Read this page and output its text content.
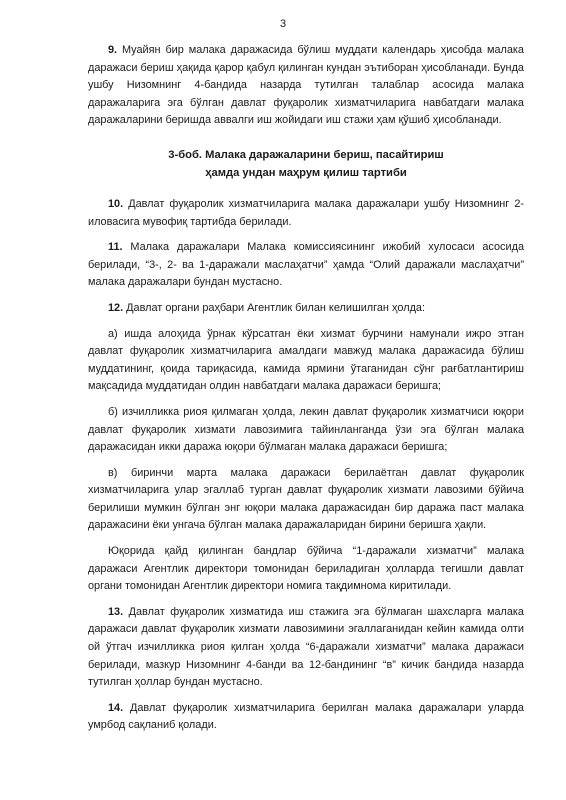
3

9. Муайян бир малака даражасида бўлиш муддати календарь ҳисобда малака даражаси бериш ҳақида қарор қабул қилинган кундан эътиборан ҳисобланади. Бунда ушбу Низомнинг 4-бандида назарда тутилган талаблар асосида малака даражаларига эга бўлган давлат фуқаролик хизматчиларига навбатдаги малака даражаларини беришда аввалги иш жойидаги иш стажи ҳам қўшиб ҳисобланади.

3-боб. Малака даражаларини бериш, пасайтириш
ҳамда ундан маҳрум қилиш тартиби

10. Давлат фуқаролик хизматчиларига малака даражалари ушбу Низомнинг 2-иловасига мувофиқ тартибда берилади.

11. Малака даражалари Малака комиссиясининг ижобий хулосаси асосида берилади, “3-, 2- ва 1-даражали маслаҳатчи” ҳамда “Олий даражали маслаҳатчи” малака даражалари бундан мустасно.

12. Давлат органи раҳбари Агентлик билан келишилган ҳолда:

а) ишда алоҳида ўрнак кўрсатган ёки хизмат бурчини намунали ижро этган давлат фуқаролик хизматчиларига амалдаги мавжуд малака даражасида бўлиш муддатининг, қоида тариқасида, камида ярмини ўтаганидан сўнг рағбатлантириш мақсадида муддатидан олдин навбатдаги малака даражаси беришга;

б) изчилликка риоя қилмаган ҳолда, лекин давлат фуқаролик хизматчиси юқори давлат фуқаролик хизмати лавозимига тайинланганда ўзи эга бўлган малака даражасидан икки даража юқори бўлмаган малака даражаси беришга;

в) биринчи марта малака даражаси берилаётган давлат фуқаролик хизматчиларига улар эгаллаб турган давлат фуқаролик хизмати лавозими бўйича берилиши мумкин бўлган энг юқори малака даражасидан бир даража паст малака даражасини ёки унгача бўлган малака даражаларидан бирини беришга ҳақли.

Юқорида қайд қилинган бандлар бўйича “1-даражали хизматчи” малака даражаси Агентлик директори томонидан бериладиган ҳолларда тегишли давлат органи томонидан Агентлик директори номига тақдимнома киритилади.

13. Давлат фуқаролик хизматида иш стажига эга бўлмаган шахсларга малака даражаси давлат фуқаролик хизмати лавозимини эгаллаганидан кейин камида олти ой ўтгач изчилликка риоя қилган ҳолда “6-даражали хизматчи” малака даражаси берилади, мазкур Низомнинг 4-банди ва 12-бандининг “в” кичик бандида назарда тутилган ҳоллар бундан мустасно.

14. Давлат фуқаролик хизматчиларига берилган малака даражалари уларда умрбод сақланиб қолади.
